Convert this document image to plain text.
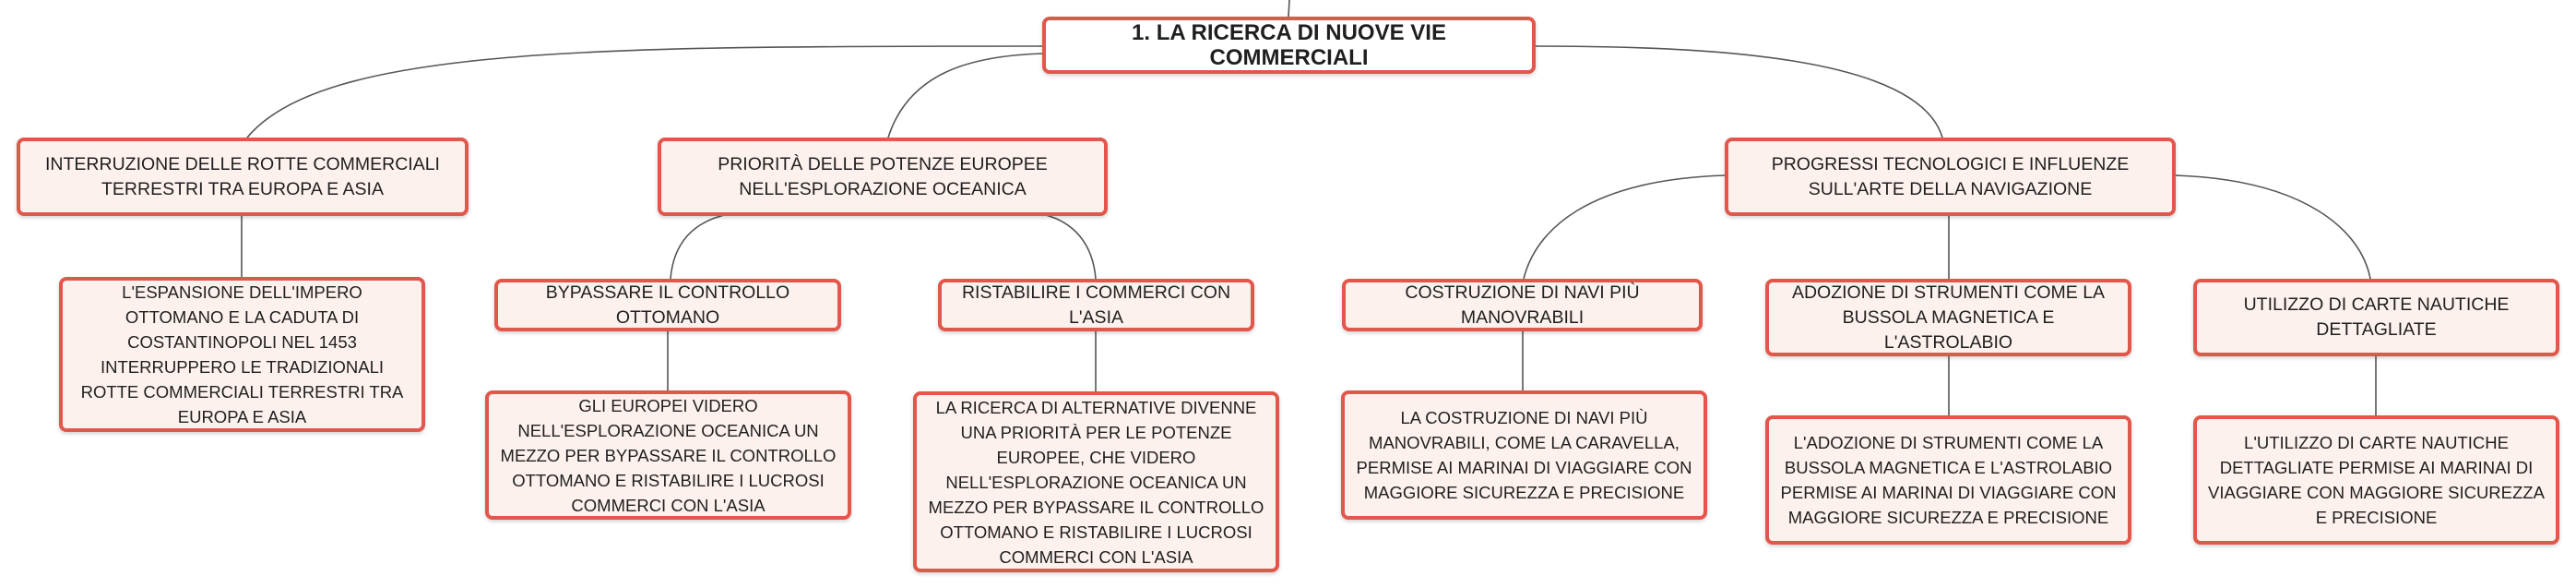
1. LA RICERCA DI NUOVE VIE COMMERCIALI
INTERRUZIONE DELLE ROTTE COMMERCIALI TERRESTRI TRA EUROPA E ASIA
PRIORITÀ DELLE POTENZE EUROPEE NELL'ESPLORAZIONE OCEANICA
PROGRESSI TECNOLOGICI E INFLUENZE SULL'ARTE DELLA NAVIGAZIONE
L'ESPANSIONE DELL'IMPERO OTTOMANO E LA CADUTA DI COSTANTINOPOLI NEL 1453 INTERRUPPERO LE TRADIZIONALI ROTTE COMMERCIALI TERRESTRI TRA EUROPA E ASIA
BYPASSARE IL CONTROLLO OTTOMANO
RISTABILIRE I COMMERCI CON L'ASIA
GLI EUROPEI VIDERO NELL'ESPLORAZIONE OCEANICA UN MEZZO PER BYPASSARE IL CONTROLLO OTTOMANO E RISTABILIRE I LUCROSI COMMERCI CON L'ASIA
LA RICERCA DI ALTERNATIVE DIVENNE UNA PRIORITÀ PER LE POTENZE EUROPEE, CHE VIDERO NELL'ESPLORAZIONE OCEANICA UN MEZZO PER BYPASSARE IL CONTROLLO OTTOMANO E RISTABILIRE I LUCROSI COMMERCI CON L'ASIA
COSTRUZIONE DI NAVI PIÙ MANOVRABILI
ADOZIONE DI STRUMENTI COME LA BUSSOLA MAGNETICA E L'ASTROLABIO
UTILIZZO DI CARTE NAUTICHE DETTAGLIATE
LA COSTRUZIONE DI NAVI PIÙ MANOVRABILI, COME LA CARAVELLA, PERMISE AI MARINAI DI VIAGGIARE CON MAGGIORE SICUREZZA E PRECISIONE
L'ADOZIONE DI STRUMENTI COME LA BUSSOLA MAGNETICA E L'ASTROLABIO PERMISE AI MARINAI DI VIAGGIARE CON MAGGIORE SICUREZZA E PRECISIONE
L'UTILIZZO DI CARTE NAUTICHE DETTAGLIATE PERMISE AI MARINAI DI VIAGGIARE CON MAGGIORE SICUREZZA E PRECISIONE
